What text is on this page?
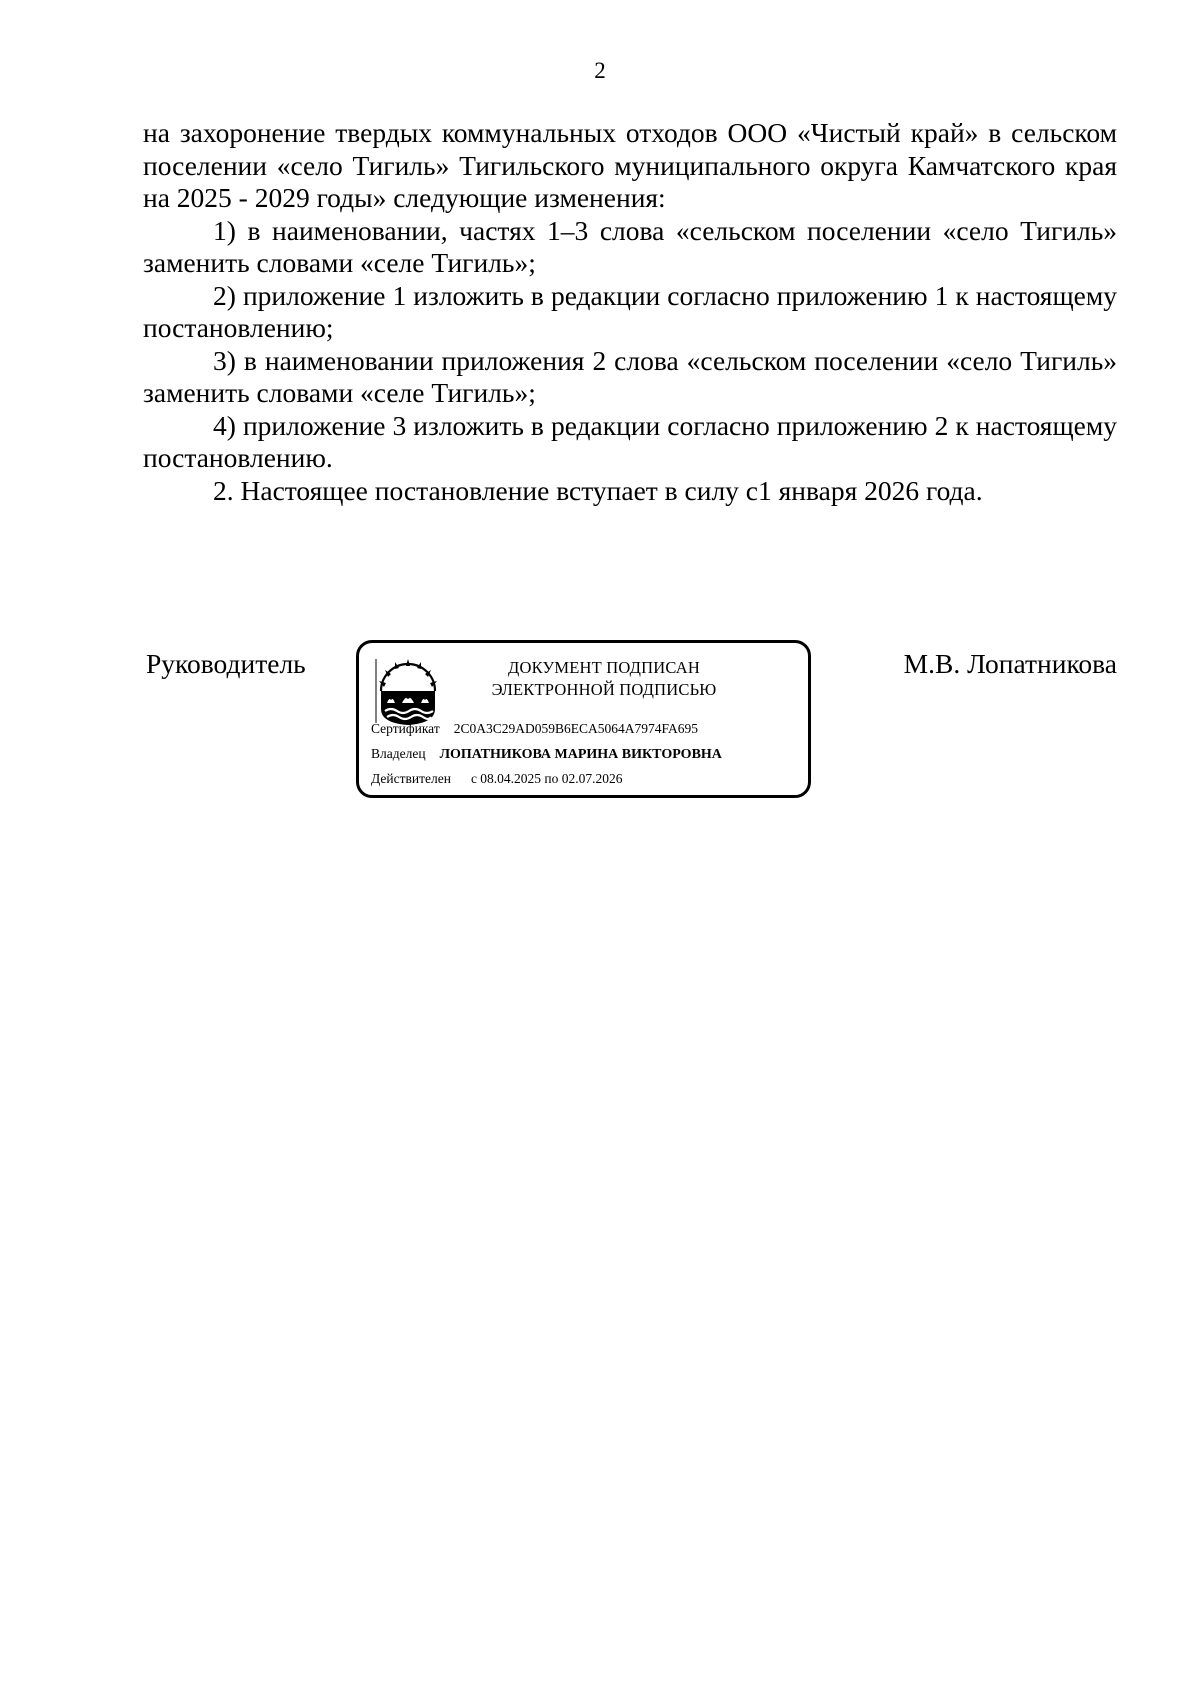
2

на захоронение твердых коммунальных отходов ООО «Чистый край» в сельском поселении «село Тигиль» Тигильского муниципального округа Камчатского края на 2025 - 2029 годы» следующие изменения:

1) в наименовании, частях 1–3 слова «сельском поселении «село Тигиль» заменить словами «селе Тигиль»;

2) приложение 1 изложить в редакции согласно приложению 1 к настоящему постановлению;

3) в наименовании приложения 2 слова «сельском поселении «село Тигиль» заменить словами «селе Тигиль»;

4) приложение 3 изложить в редакции согласно приложению 2 к настоящему постановлению.

2. Настоящее постановление вступает в силу с1 января 2026 года.

Руководитель	ДОКУМЕНТ ПОДПИСАН
ЭЛЕКТРОННОЙ ПОДПИСЬЮ
Сертификат 2C0A3C29AD059B6ECA5064A7974FA695
Владелец ЛОПАТНИКОВА МАРИНА ВИКТОРОВНА
Действителен с 08.04.2025 по 02.07.2026
М.В. Лопатникова
